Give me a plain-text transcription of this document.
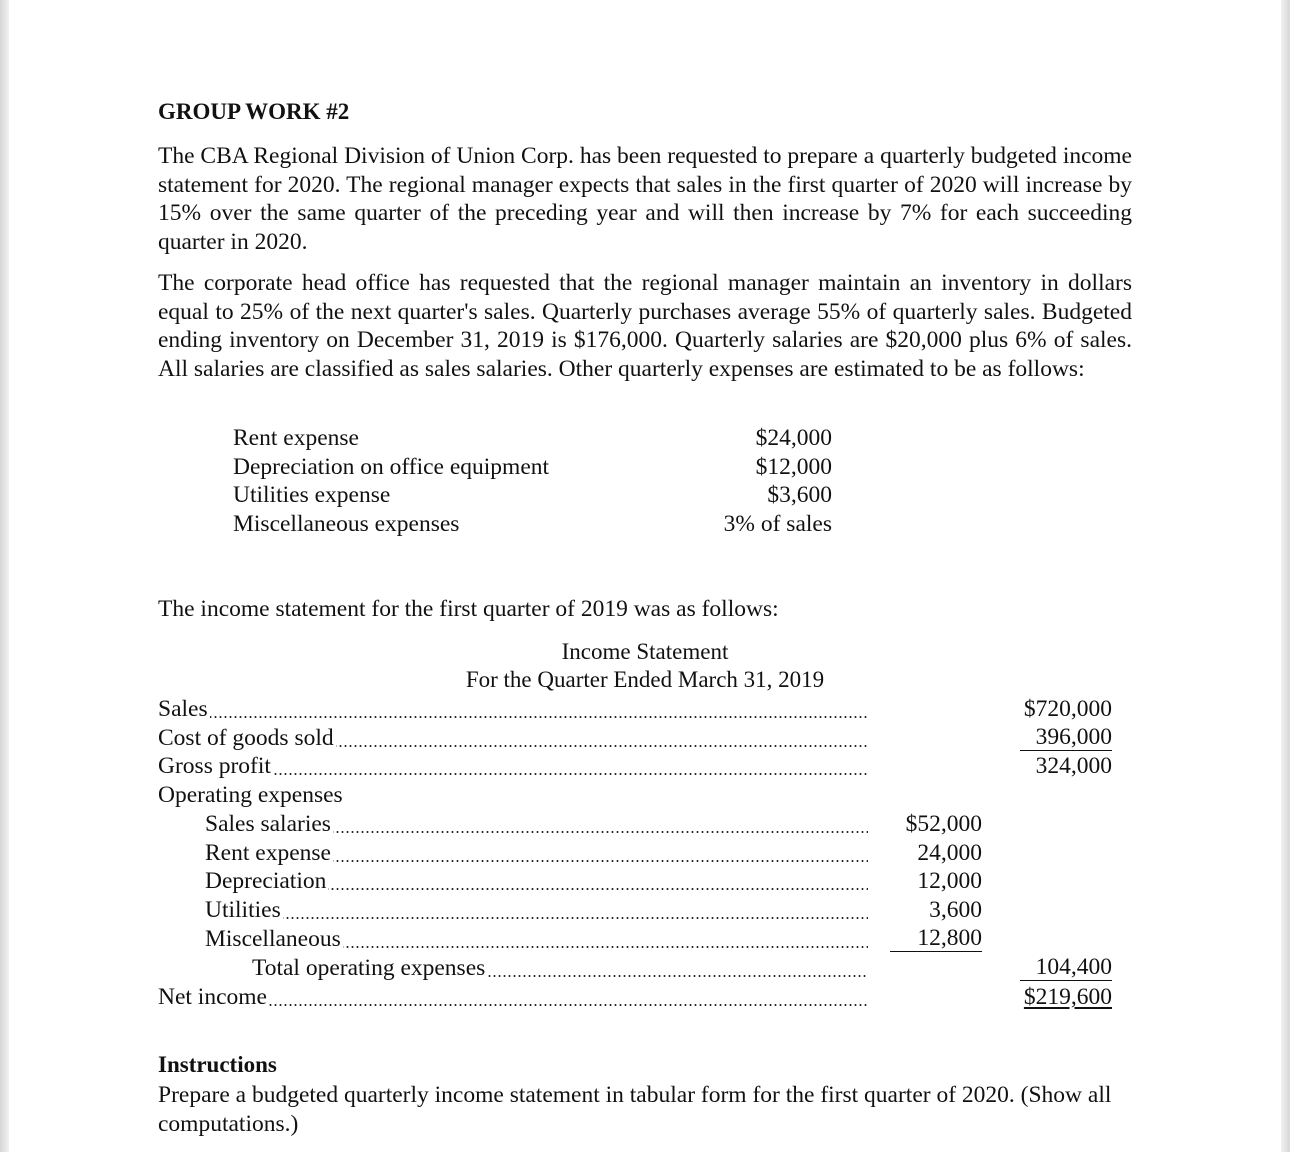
GROUP WORK #2
The CBA Regional Division of Union Corp. has been requested to prepare a quarterly budgeted income statement for 2020. The regional manager expects that sales in the first quarter of 2020 will increase by 15% over the same quarter of the preceding year and will then increase by 7% for each succeeding quarter in 2020.
The corporate head office has requested that the regional manager maintain an inventory in dollars equal to 25% of the next quarter's sales. Quarterly purchases average 55% of quarterly sales. Budgeted ending inventory on December 31, 2019 is $176,000. Quarterly salaries are $20,000 plus 6% of sales. All salaries are classified as sales salaries. Other quarterly expenses are estimated to be as follows:
Rent expense
Depreciation on office equipment
Utilities expense
Miscellaneous expenses
$24,000
$12,000
$3,600
3% of sales
The income statement for the first quarter of 2019 was as follows:
Income Statement
For the Quarter Ended March 31, 2019
Sales
Cost of goods sold
Gross profit
Operating expenses
Sales salaries
Rent expense
Depreciation
Utilities
Miscellaneous
Total operating expenses
Net income
$52,000
24,000
12,000
3,600
12,800
$720,000
396,000
324,000
104,400
$219,600
Instructions
Prepare a budgeted quarterly income statement in tabular form for the first quarter of 2020. (Show all computations.)
